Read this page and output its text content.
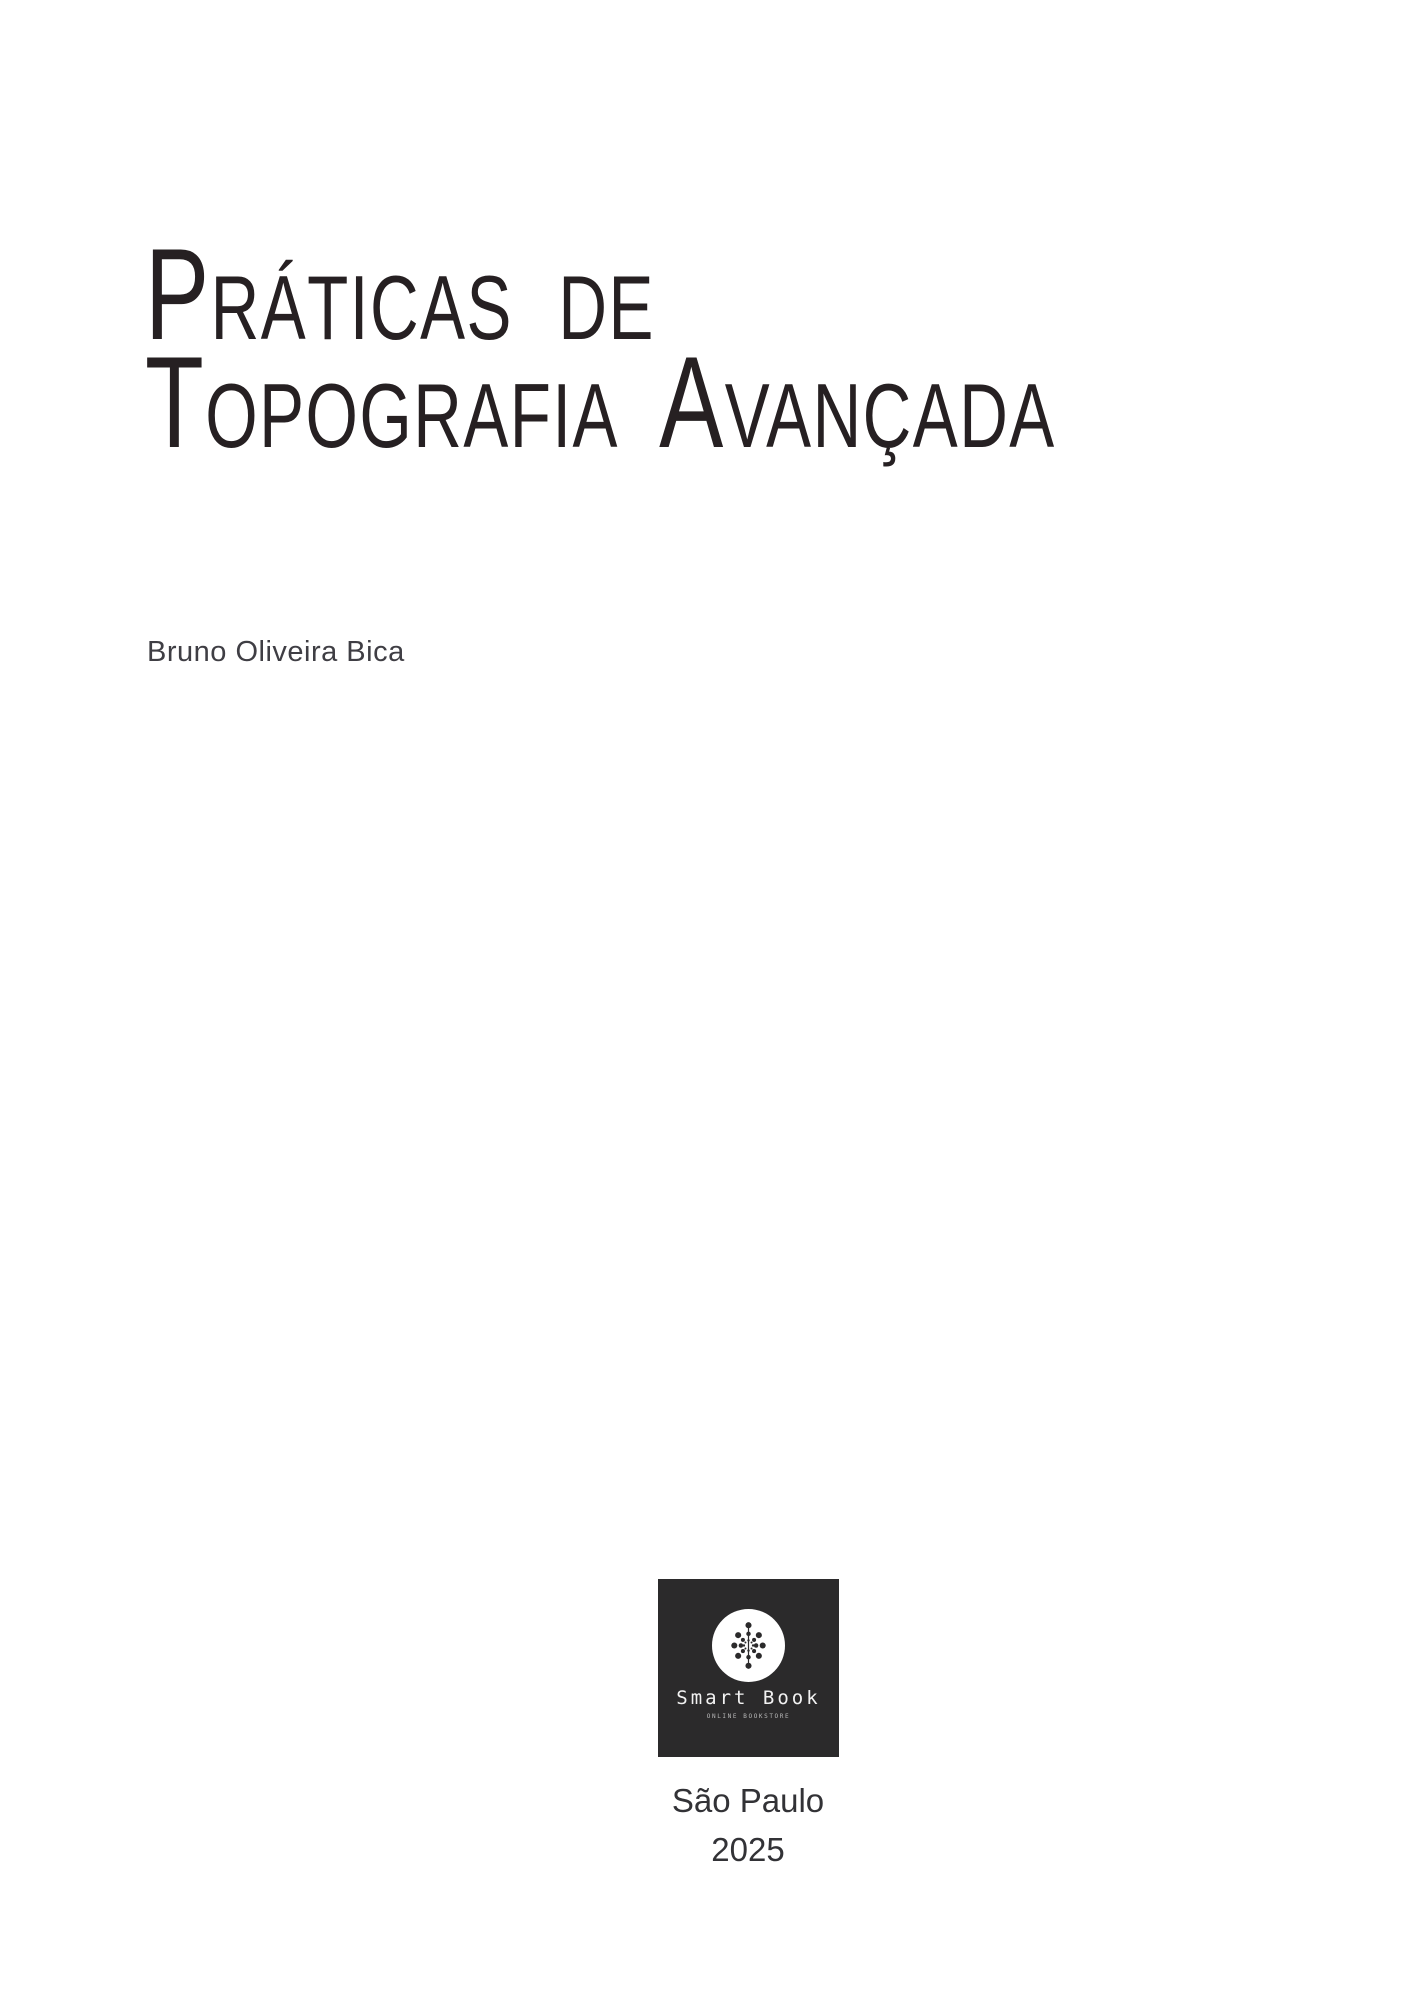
Práticas de
Topografia Avançada
Bruno Oliveira Bica
Smart Book
ONLINE BOOKSTORE
São Paulo
2025
